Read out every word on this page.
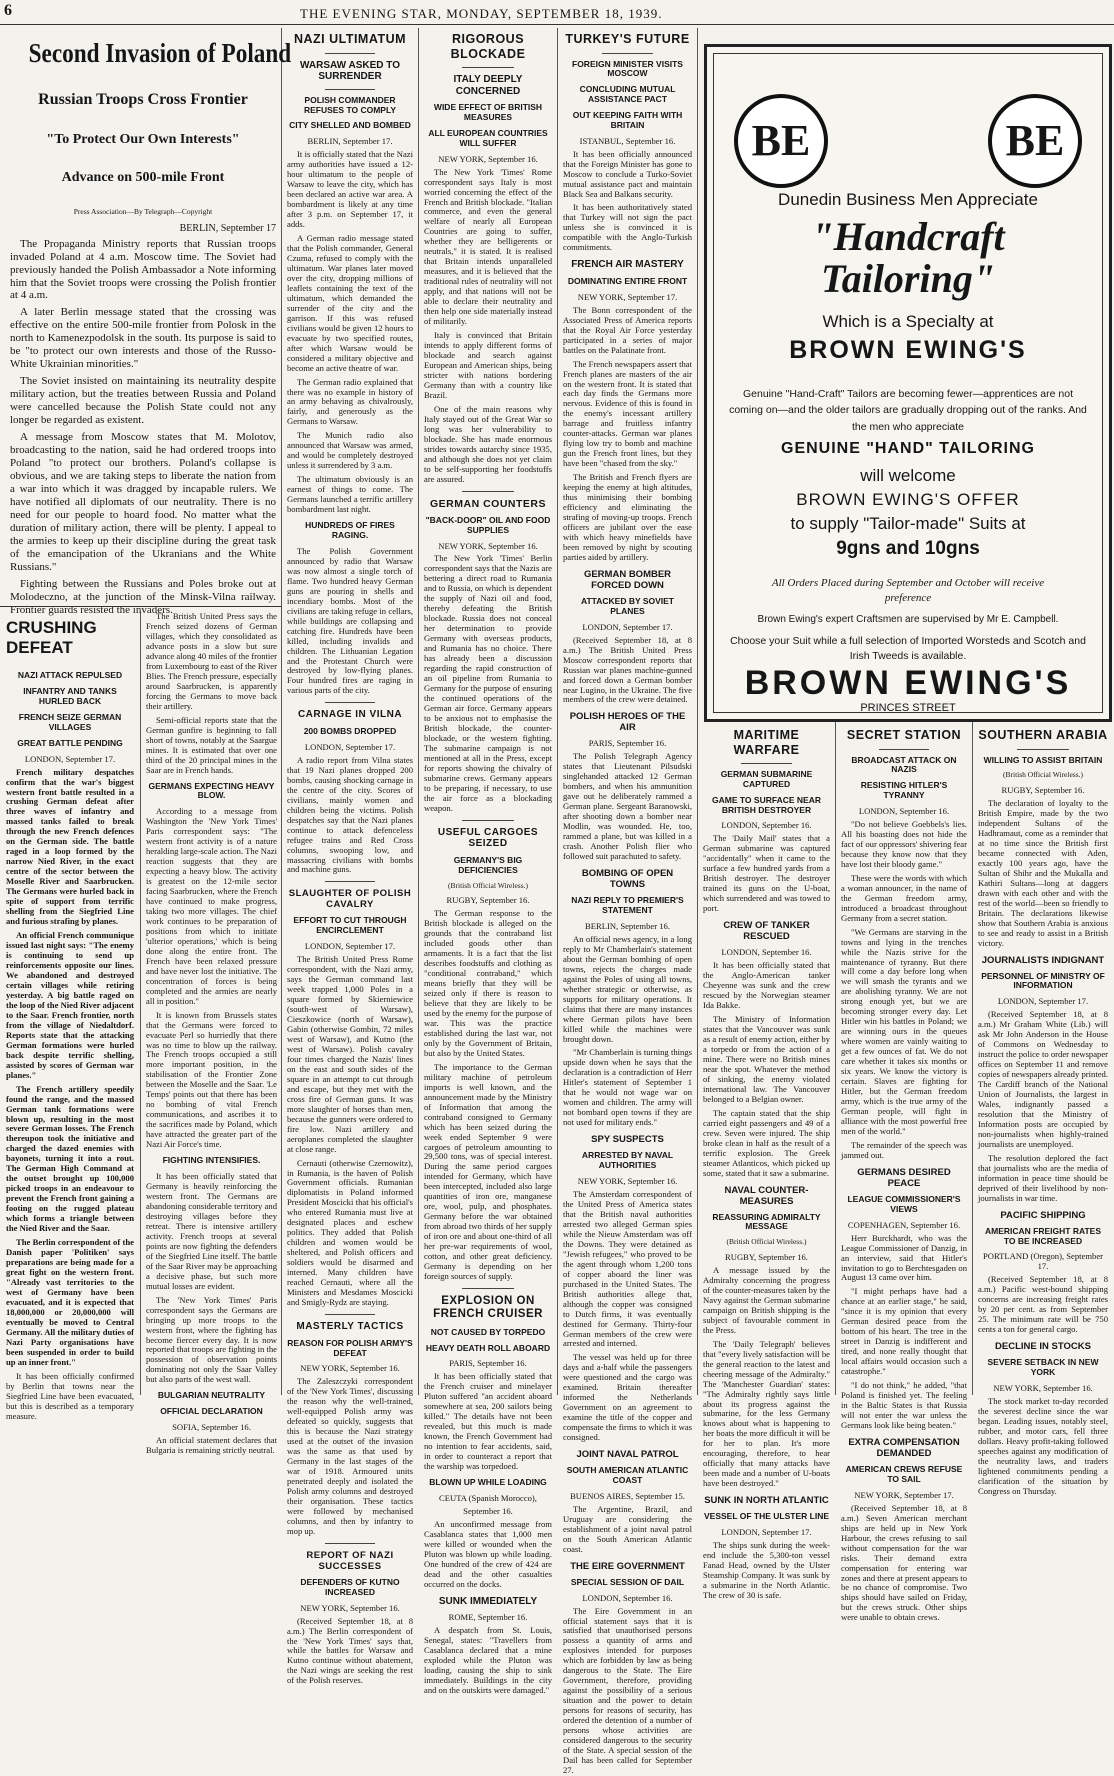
6	THE EVENING STAR, MONDAY, SEPTEMBER 18, 1939.
Second Invasion of Poland
Russian Troops Cross Frontier
"To Protect Our Own Interests"
Advance on 500-mile Front
Press Association—By Telegraph—Copyright
BERLIN, September 17

The Propaganda Ministry reports that Russian troops invaded Poland at 4 a.m. Moscow time. The Soviet had previously handed the Polish Ambassador a Note informing him that the Soviet troops were crossing the Polish frontier at 4 a.m.

A later Berlin message stated that the crossing was effective on the entire 500-mile frontier from Polosk in the north to Kamenezpodolsk in the south. Its purpose is said to be "to protect our own interests and those of the Russo-White Ukrainian minorities."

The Soviet insisted on maintaining its neutrality despite military action, but the treaties between Russia and Poland were cancelled because the Polish State could not any longer be regarded as existent.

A message from Moscow states that M. Molotov, broadcasting to the nation, said he had ordered troops into Poland "to protect our brothers. Poland's collapse is obvious, and we are taking steps to liberate the nation from a war into which it was dragged by incapable rulers. We have notified all diplomats of our neutrality. There is no need for our people to hoard food. No matter what the duration of military action, there will be plenty. I appeal to the armies to keep up their discipline during the great task of the emancipation of the Ukranians and the White Russians."

Fighting between the Russians and Poles broke out at Molodeczno, at the junction of the Minsk-Vilna railway. Frontier guards resisted the invaders.

CRUSHING DEFEAT
NAZI ATTACK REPULSED
INFANTRY AND TANKS HURLED BACK
FRENCH SEIZE GERMAN VILLAGES
GREAT BATTLE PENDING
LONDON, September 17.

French military despatches confirm that the war's biggest western front battle resulted in a crushing German defeat after three waves of infantry and massed tanks failed to break through the new French defences on the German side. The battle raged in a loop formed by the narrow Nied River, in the exact centre of the sector between the Moselle River and Saarbrucken. The Germans were hurled back in spite of support from terrific shelling from the Siegfried Line and furious strafing by planes.

An official French communique issued last night says: "The enemy is continuing to send up reinforcements opposite our lines. We abandoned and destroyed certain villages while retiring yesterday. A big battle raged on the loop of the Nied River adjacent to the Saar. French frontier, north from the village of Niedaltdorf. Reports state that the attacking German formations were hurled back despite terrific shelling, assisted by scores of German war planes."

The French artillery speedily found the range, and the massed German tank formations were blown up, resulting in the most severe German losses. The French thereupon took the initiative and charged the dazed enemies with bayonets, turning it into a rout. The German High Command at the outset brought up 100,000 picked troops in an endeavour to prevent the French front gaining a footing on the rugged plateau which forms a triangle between the Nied River and the Saar.

The Berlin correspondent of the Danish paper 'Politiken' says preparations are being made for a great fight on the western front. "Already vast territories to the west of Germany have been evacuated, and it is expected that 18,000,000 or 20,000,000 will eventually be moved to Central Germany. All the military duties of Nazi Party organisations have been suspended in order to build up an inner front."

It has been officially confirmed by Berlin that towns near the Siegfried Line have been evacuated, but this is described as a temporary measure.

The British United Press says the French seized dozens of German villages, which they consolidated as advance posts in a slow but sure advance along 40 miles of the frontier from Luxembourg to east of the River Blies. The French pressure, especially around Saarbrucken, is apparently forcing the Germans to move back their artillery.

Semi-official reports state that the German gunfire is beginning to fall short of towns, notably at the Saargue mines. It is estimated that over one third of the 20 principal mines in the Saar are in French hands.

GERMANS EXPECTING HEAVY BLOW.

According to a message from Washington the 'New York Times' Paris correspondent says: "The western front activity is of a nature heralding large-scale action. The Nazi reaction suggests that they are expecting a heavy blow. The activity is greatest on the 12-mile sector facing Saarbrucken, where the French have continued to make progress, taking two more villages. The chief work continues to be preparation of positions from which to initiate 'ulterior operations,' which is being done along the entire front. The French have been relaxed pressure and have never lost the initiative. The concentration of forces is being completed and the armies are nearly all in position."

It is known from Brussels states that the Germans were forced to evacuate Perl so hurriedly that there was no time to blow up the railway. The French troops occupied a still more important position, in the stabilisation of the Frontier Zone between the Moselle and the Saar. 'Le Temps' points out that there has been no bombing of vital French communications, and ascribes it to the sacrifices made by Poland, which have attracted the greater part of the Nazi Air Force's time.

FIGHTING INTENSIFIES.

It has been officially stated that Germany is heavily reinforcing the western front. The Germans are abandoning considerable territory and destroying villages before they retreat. There is intensive artillery activity. French troops at several points are now fighting the defenders of the Siegfried Line itself. The battle of the Saar River may be approaching a decisive phase, but such more mutual losses are evident.

The 'New York Times' Paris correspondent says the Germans are bringing up more troops to the western front, where the fighting has become fiercer every day. It is now reported that troops are fighting in the possession of observation points dominating not only the Saar Valley but also parts of the west wall.

BULGARIAN NEUTRALITY
OFFICIAL DECLARATION
SOFIA, September 16.

An official statement declares that Bulgaria is remaining strictly neutral.

NAZI ULTIMATUM
WARSAW ASKED TO SURRENDER
POLISH COMMANDER REFUSES TO COMPLY
CITY SHELLED AND BOMBED
BERLIN, September 17.

It is officially stated that the Nazi army authorities have issued a 12-hour ultimatum to the people of Warsaw to leave the city, which has been declared an active war area. A bombardment is likely at any time after 3 p.m. on September 17, it adds.

A German radio message stated that the Polish commander, General Czuma, refused to comply with the ultimatum. War planes later moved over the city, dropping millions of leaflets containing the text of the ultimatum, which demanded the surrender of the city and the garrison. If this was refused civilians would be given 12 hours to evacuate by two specified routes, after which Warsaw would be considered a military objective and become an active theatre of war.

The German radio explained that there was no example in history of an army behaving as chivalrously, fairly, and generously as the Germans to Warsaw.

The Munich radio also announced that Warsaw was armed, and would be completely destroyed unless it surrendered by 3 a.m.

The ultimatum obviously is an earnest of things to come. The Germans launched a terrific artillery bombardment last night.

HUNDREDS OF FIRES RAGING.

The Polish Government announced by radio that Warsaw was now almost a single torch of flame. Two hundred heavy German guns are pouring in shells and incendiary bombs. Most of the civilians are taking refuge in cellars, while buildings are collapsing and catching fire. Hundreds have been killed, including invalids and children. The Lithuanian Legation and the Protestant Church were destroyed by low-flying planes. Four hundred fires are raging in various parts of the city.

CARNAGE IN VILNA
200 BOMBS DROPPED
LONDON, September 17.

A radio report from Vilna states that 19 Nazi planes dropped 200 bombs, causing shocking carnage in the centre of the city. Scores of civilians, mainly women and children being the victims. Polish despatches say that the Nazi planes continue to attack defenceless refugee trains and Red Cross columns, swooping low, and massacring civilians with bombs and machine guns.

SLAUGHTER OF POLISH CAVALRY
EFFORT TO CUT THROUGH ENCIRCLEMENT
LONDON, September 17.

The British United Press Rome correspondent, with the Nazi army, says the German command last week trapped 1,000 Poles in a square formed by Skierniewice (south-west of Warsaw), Cieszkowice (north of Warsaw), Gabin (otherwise Gombin, 72 miles west of Warsaw), and Kutno (the west of Warsaw). Polish cavalry four times charged the Nazis' lines on the east and south sides of the square in an attempt to cut through and escape, but they met with the cross fire of German guns. It was more slaughter of horses than men, because the gunners were ordered to fire low. Nazi artillery and aeroplanes completed the slaughter at close range.

Cernauti (otherwise Czernowitz), in Rumania, is the haven of Polish Government officials. Rumanian diplomatists in Poland informed President Moscicki that his official's who entered Rumania must live at designated places and eschew politics. They added that Polish children and women would be sheltered, and Polish officers and soldiers would be disarmed and interned. Many children have reached Cernauti, where all the Ministers and Mesdames Moscicki and Smigly-Rydz are staying.

MASTERLY TACTICS
REASON FOR POLISH ARMY'S DEFEAT
NEW YORK, September 16.

The Zaleszczyki correspondent of the 'New York Times', discussing the reason why the well-trained, well-equipped Polish army was defeated so quickly, suggests that this is because the Nazi strategy used at the outset of the invasion was the same as that used by Germany in the last stages of the war of 1918. Armoured units penetrated deeply and isolated the Polish army columns and destroyed their organisation. These tactics were followed by mechanised columns, and then by infantry to mop up.

REPORT OF NAZI SUCCESSES
DEFENDERS OF KUTNO INCREASED
NEW YORK, September 16.

(Received September 18, at 8 a.m.) The Berlin correspondent of the 'New York Times' says that, while the battles for Warsaw and Kutno continue without abatement, the Nazi wings are seeking the rest of the Polish reserves.

RIGOROUS BLOCKADE
ITALY DEEPLY CONCERNED
WIDE EFFECT OF BRITISH MEASURES
ALL EUROPEAN COUNTRIES WILL SUFFER
NEW YORK, September 16.

The New York 'Times' Rome correspondent says Italy is most worried concerning the effect of the French and British blockade. "Italian commerce, and even the general welfare of nearly all European Countries are going to suffer, whether they are belligerents or neutrals," it is stated. It is realised that Britain intends unparalleled measures, and it is believed that the traditional rules of neutrality will not apply, and that nations will not be able to declare their neutrality and then help one side materially instead of militarily.

Italy is convinced that Britain intends to apply different forms of blockade and search against European and American ships, being stricter with nations bordering Germany than with a country like Brazil.

One of the main reasons why Italy stayed out of the Great War so long was her vulnerability to blockade. She has made enormous strides towards autarchy since 1935, and although she does not yet claim to be self-supporting her foodstuffs are assured.

GERMAN COUNTERS
"BACK-DOOR" OIL AND FOOD SUPPLIES
NEW YORK, September 16.

The New York 'Times' Berlin correspondent says that the Nazis are bettering a direct road to Rumania and to Russia, on which is dependent the supply of Nazi oil and food, thereby defeating the British blockade. Russia does not conceal her determination to provide Germany with overseas products, and Rumania has no choice. There has already been a discussion regarding the rapid construction of an oil pipeline from Rumania to Germany for the purpose of ensuring the continued operations of the German air force. Germany appears to be anxious not to emphasise the British blockade, the counter-blockade, or the western fighting. The submarine campaign is not mentioned at all in the Press, except for reports showing the chivalry of submarine crews. Germany appears to be preparing, if necessary, to use the air force as a blockading weapon.

USEFUL CARGOES SEIZED
GERMANY'S BIG DEFICIENCIES
(British Official Wireless.)
RUGBY, September 16.

The German response to the British blockade is alleged on the grounds that the contraband list included goods other than armaments. It is a fact that the list describes foodstuffs and clothing as "conditional contraband," which means briefly that they will be seized only if there is reason to believe that they are likely to be used by the enemy for the purpose of war. This was the practice established during the last war, not only by the Government of Britain, but also by the United States.

The importance to the German military machine of petroleum imports is well known, and the announcement made by the Ministry of Information that among the contraband consigned to Germany which has been seized during the week ended September 9 were cargoes of petroleum amounting to 29,500 tons, was of special interest. During the same period cargoes intended for Germany, which have been intercepted, included also large quantities of iron ore, manganese ore, wool, pulp, and phosphates. Germany before the war obtained from abroad two thirds of her supply of iron ore and about one-third of all her pre-war requirements of wool, cotton, and other great deficiency. Germany is depending on her foreign sources of supply.

EXPLOSION ON FRENCH CRUISER
NOT CAUSED BY TORPEDO
HEAVY DEATH ROLL ABOARD
PARIS, September 16.

It has been officially stated that the French cruiser and minelayer Pluton suffered "an accident aboard somewhere at sea, 200 sailors being killed." The details have not been revealed, but this much is made known, the French Government had no intention to fear accidents, said, in order to counteract a report that the warship was torpedoed.

BLOWN UP WHILE LOADING
CEUTA (Spanish Morocco),
September 16.

An unconfirmed message from Casablanca states that 1,000 men were killed or wounded when the Pluton was blown up while loading. One hundred of the crew of 424 are dead and the other casualties occurred on the docks.

SUNK IMMEDIATELY
ROME, September 16.

A despatch from St. Louis, Senegal, states: "Travellers from Casablanca declared that a mine exploded while the Pluton was loading, causing the ship to sink immediately. Buildings in the city and on the outskirts were damaged."

TURKEY'S FUTURE
FOREIGN MINISTER VISITS MOSCOW
CONCLUDING MUTUAL ASSISTANCE PACT
OUT KEEPING FAITH WITH BRITAIN
ISTANBUL, September 16.

It has been officially announced that the Foreign Minister has gone to Moscow to conclude a Turko-Soviet mutual assistance pact and maintain Black Sea and Balkans security.

It has been authoritatively stated that Turkey will not sign the pact unless she is convinced it is compatible with the Anglo-Turkish commitments.

FRENCH AIR MASTERY
DOMINATING ENTIRE FRONT
NEW YORK, September 17.

The Bonn correspondent of the Associated Press of America reports that the Royal Air Force yesterday participated in a series of major battles on the Palatinate front.

The French newspapers assert that French planes are masters of the air on the western front. It is stated that each day finds the Germans more nervous. Evidence of this is found in the enemy's incessant artillery barrage and fruitless infantry counter-attacks. German war planes flying low try to bomb and machine gun the French front lines, but they have been "chased from the sky."

The British and French flyers are keeping the enemy at high altitudes, thus minimising their bombing efficiency and eliminating the strafing of moving-up troops. French officers are jubilant over the ease with which heavy minefields have been removed by night by scouting parties aided by artillery.

GERMAN BOMBER FORCED DOWN
ATTACKED BY SOVIET PLANES
LONDON, September 17.

(Received September 18, at 8 a.m.) The British United Press Moscow correspondent reports that Russian war planes machine-gunned and forced down a German bomber near Lugino, in the Ukraine. The five members of the crew were detained.

POLISH HEROES OF THE AIR
PARIS, September 16.

The Polish Telegraph Agency states that Lieutenant Pilsudski singlehanded attacked 12 German bombers, and when his ammunition gave out he deliberately rammed a German plane. Sergeant Baranowski, after shooting down a bomber near Modlin, was wounded. He, too, rammed a plane, but was killed in a crash. Another Polish flier who followed suit parachuted to safety.

BOMBING OF OPEN TOWNS
NAZI REPLY TO PREMIER'S STATEMENT
BERLIN, September 16.

An official news agency, in a long reply to Mr Chamberlain's statement about the German bombing of open towns, rejects the charges made against the Poles of using all towns, whether strategic or otherwise, as supports for military operations. It claims that there are many instances where German pilots have been killed while the machines were brought down.

"Mr Chamberlain is turning things upside down when he says that the declaration is a contradiction of Herr Hitler's statement of September 1 that he would not wage war on women and children. The army will not bombard open towns if they are not used for military ends."

SPY SUSPECTS
ARRESTED BY NAVAL AUTHORITIES
NEW YORK, September 16.

The Amsterdam correspondent of the United Press of America states that the British naval authorities arrested two alleged German spies while the Nieuw Amsterdam was off the Downs. They were detained as "Jewish refugees," who proved to be the agent through whom 1,200 tons of copper aboard the liner was purchased in the United States. The British authorities allege that, although the copper was consigned to Dutch firms, it was eventually destined for Germany. Thirty-four German members of the crew were arrested and interned.

The vessel was held up for three days and a-half while the passengers were questioned and the cargo was examined. Britain thereafter informed the Netherlands Government on an agreement to examine the title of the copper and compensate the firms to which it was consigned.

JOINT NAVAL PATROL
SOUTH AMERICAN ATLANTIC COAST
BUENOS AIRES, September 15.

The Argentine, Brazil, and Uruguay are considering the establishment of a joint naval patrol on the South American Atlantic coast.

THE EIRE GOVERNMENT
SPECIAL SESSION OF DAIL
LONDON, September 16.

The Eire Government in an official statement says that it is satisfied that unauthorised persons possess a quantity of arms and explosives intended for purposes which are forbidden by law as being dangerous to the State. The Eire Government, therefore, providing against the possibility of a serious situation and the power to detain persons for reasons of security, has ordered the detention of a number of persons whose activities are considered dangerous to the security of the State. A special session of the Dail has been called for September 27.

BE	BE
Dunedin Business Men Appreciate
"Handcraft
Tailoring"
Which is a Specialty at
BROWN EWING'S
Genuine "Hand-Craft" Tailors are becoming fewer—apprentices are not coming on—and the older tailors are gradually dropping out of the ranks. And the men who appreciate
GENUINE "HAND" TAILORING
will welcome
BROWN EWING'S OFFER
to supply "Tailor-made" Suits at
9gns and 10gns
All Orders Placed during September and October will receive preference
Brown Ewing's expert Craftsmen are supervised by Mr E. Campbell.
Choose your Suit while a full selection of Imported Worsteds and Scotch and Irish Tweeds is available.
BROWN EWING'S
PRINCES STREET
MARITIME WARFARE
GERMAN SUBMARINE CAPTURED
GAME TO SURFACE NEAR BRITISH DESTROYER
LONDON, September 16.

The 'Daily Mail' states that a German submarine was captured "accidentally" when it came to the surface a few hundred yards from a British destroyer. The destroyer trained its guns on the U-boat, which surrendered and was towed to port.

CREW OF TANKER RESCUED
LONDON, September 16.

It has been officially stated that the Anglo-American tanker Cheyenne was sunk and the crew rescued by the Norwegian steamer Ida Bakke.

The Ministry of Information states that the Vancouver was sunk as a result of enemy action, either by a torpedo or from the action of a mine. There were no British mines near the spot. Whatever the method of sinking, the enemy violated international law. The Vancouver belonged to a Belgian owner.

The captain stated that the ship carried eight passengers and 49 of a crew. Seven were injured. The ship broke clean in half as the result of a terrific explosion. The Greek steamer Atlanticos, which picked up some, stated that it saw a submarine.

NAVAL COUNTER-MEASURES
REASSURING ADMIRALTY MESSAGE
(British Official Wireless.)
RUGBY, September 16.

A message issued by the Admiralty concerning the progress of the counter-measures taken by the Navy against the German submarine campaign on British shipping is the subject of favourable comment in the Press.

The 'Daily Telegraph' believes that "every lively satisfaction will be the general reaction to the latest and cheering message of the Admiralty." The 'Manchester Guardian' states: "The Admiralty rightly says little about its progress against the submarine, for the less Germany knows about what is happening to her boats the more difficult it will be for her to plan. It's more encouraging, therefore, to hear officially that many attacks have been made and a number of U-boats have been destroyed."

SUNK IN NORTH ATLANTIC
VESSEL OF THE ULSTER LINE
LONDON, September 17.

The ships sunk during the week-end include the 5,300-ton vessel Fanad Head, owned by the Ulster Steamship Company. It was sunk by a submarine in the North Atlantic. The crew of 30 is safe.

SECRET STATION
BROADCAST ATTACK ON NAZIS
RESISTING HITLER'S TYRANNY
LONDON, September 16.

"Do not believe Goebbels's lies. All his boasting does not hide the fact of our oppressors' shivering fear because they know now that they have lost their bloody game."

These were the words with which a woman announcer, in the name of the German freedom army, introduced a broadcast throughout Germany from a secret station.

"We Germans are starving in the towns and lying in the trenches while the Nazis strive for the maintenance of tyranny. But there will come a day before long when we will smash the tyrants and we are abolishing tyranny. We are not strong enough yet, but we are becoming stronger every day. Let Hitler win his battles in Poland; we are winning ours in the queues where women are vainly waiting to get a few ounces of fat. We do not care whether it takes six months or six years. We know the victory is certain. Slaves are fighting for Hitler, but the German freedom army, which is the true army of the German people, will fight in alliance with the most powerful free men of the world."

The remainder of the speech was jammed out.

GERMANS DESIRED PEACE
LEAGUE COMMISSIONER'S VIEWS
COPENHAGEN, September 16.

Herr Burckhardt, who was the League Commissioner of Danzig, in an interview, said that Hitler's invitation to go to Berchtesgaden on August 13 came over him.

"I might perhaps have had a chance at an earlier stage," he said, "since it is my opinion that every German desired peace from the bottom of his heart. The tree in the street in Danzig is indifferent and tired, and none really thought that local affairs would occasion such a catastrophe."

"I do not think," he added, "that Poland is finished yet. The feeling in the Baltic States is that Russia will not enter the war unless the Germans look like being beaten."

EXTRA COMPENSATION DEMANDED
AMERICAN CREWS REFUSE TO SAIL
NEW YORK, September 17.

(Received September 18, at 8 a.m.) Seven American merchant ships are held up in New York Harbour, the crews refusing to sail without compensation for the war risks. Their demand extra compensation for entering war zones and there at present appears to be no chance of compromise. Two ships should have sailed on Friday, but the crews struck. Other ships were unable to obtain crews.

SOUTHERN ARABIA
WILLING TO ASSIST BRITAIN
(British Official Wireless.)
RUGBY, September 16.

The declaration of loyalty to the British Empire, made by the two independent Sultans of the Hadhramaut, come as a reminder that at no time since the British first became connected with Aden, exactly 100 years ago, have the Sultan of Shihr and the Mukalla and Kathiri Sultans—long at daggers drawn with each other and with the rest of the world—been so friendly to Britain. The declarations likewise show that Southern Arabia is anxious to see and ready to assist in a British victory.

JOURNALISTS INDIGNANT
PERSONNEL OF MINISTRY OF INFORMATION
LONDON, September 17.

(Received September 18, at 8 a.m.) Mr Graham White (Lib.) will ask Mr John Anderson in the House of Commons on Wednesday to instruct the police to order newspaper offices on September 11 and remove copies of newspapers already printed. The Cardiff branch of the National Union of Journalists, the largest in Wales, indignantly passed a resolution that the Ministry of Information posts are occupied by non-journalists when highly-trained journalists are unemployed.

The resolution deplored the fact that journalists who are the media of information in peace time should be deprived of their livelihood by non-journalists in war time.

PACIFIC SHIPPING
AMERICAN FREIGHT RATES TO BE INCREASED
PORTLAND (Oregon), September 17.

(Received September 18, at 8 a.m.) Pacific west-bound shipping concerns are increasing freight rates by 20 per cent. as from September 25. The minimum rate will be 750 cents a ton for general cargo.

DECLINE IN STOCKS
SEVERE SETBACK IN NEW YORK
NEW YORK, September 16.

The stock market to-day recorded the severest decline since the war began. Leading issues, notably steel, rubber, and motor cars, fell three dollars. Heavy profit-taking followed speeches against any modification of the neutrality laws, and traders lightened commitments pending a clarification of the situation by Congress on Thursday.
